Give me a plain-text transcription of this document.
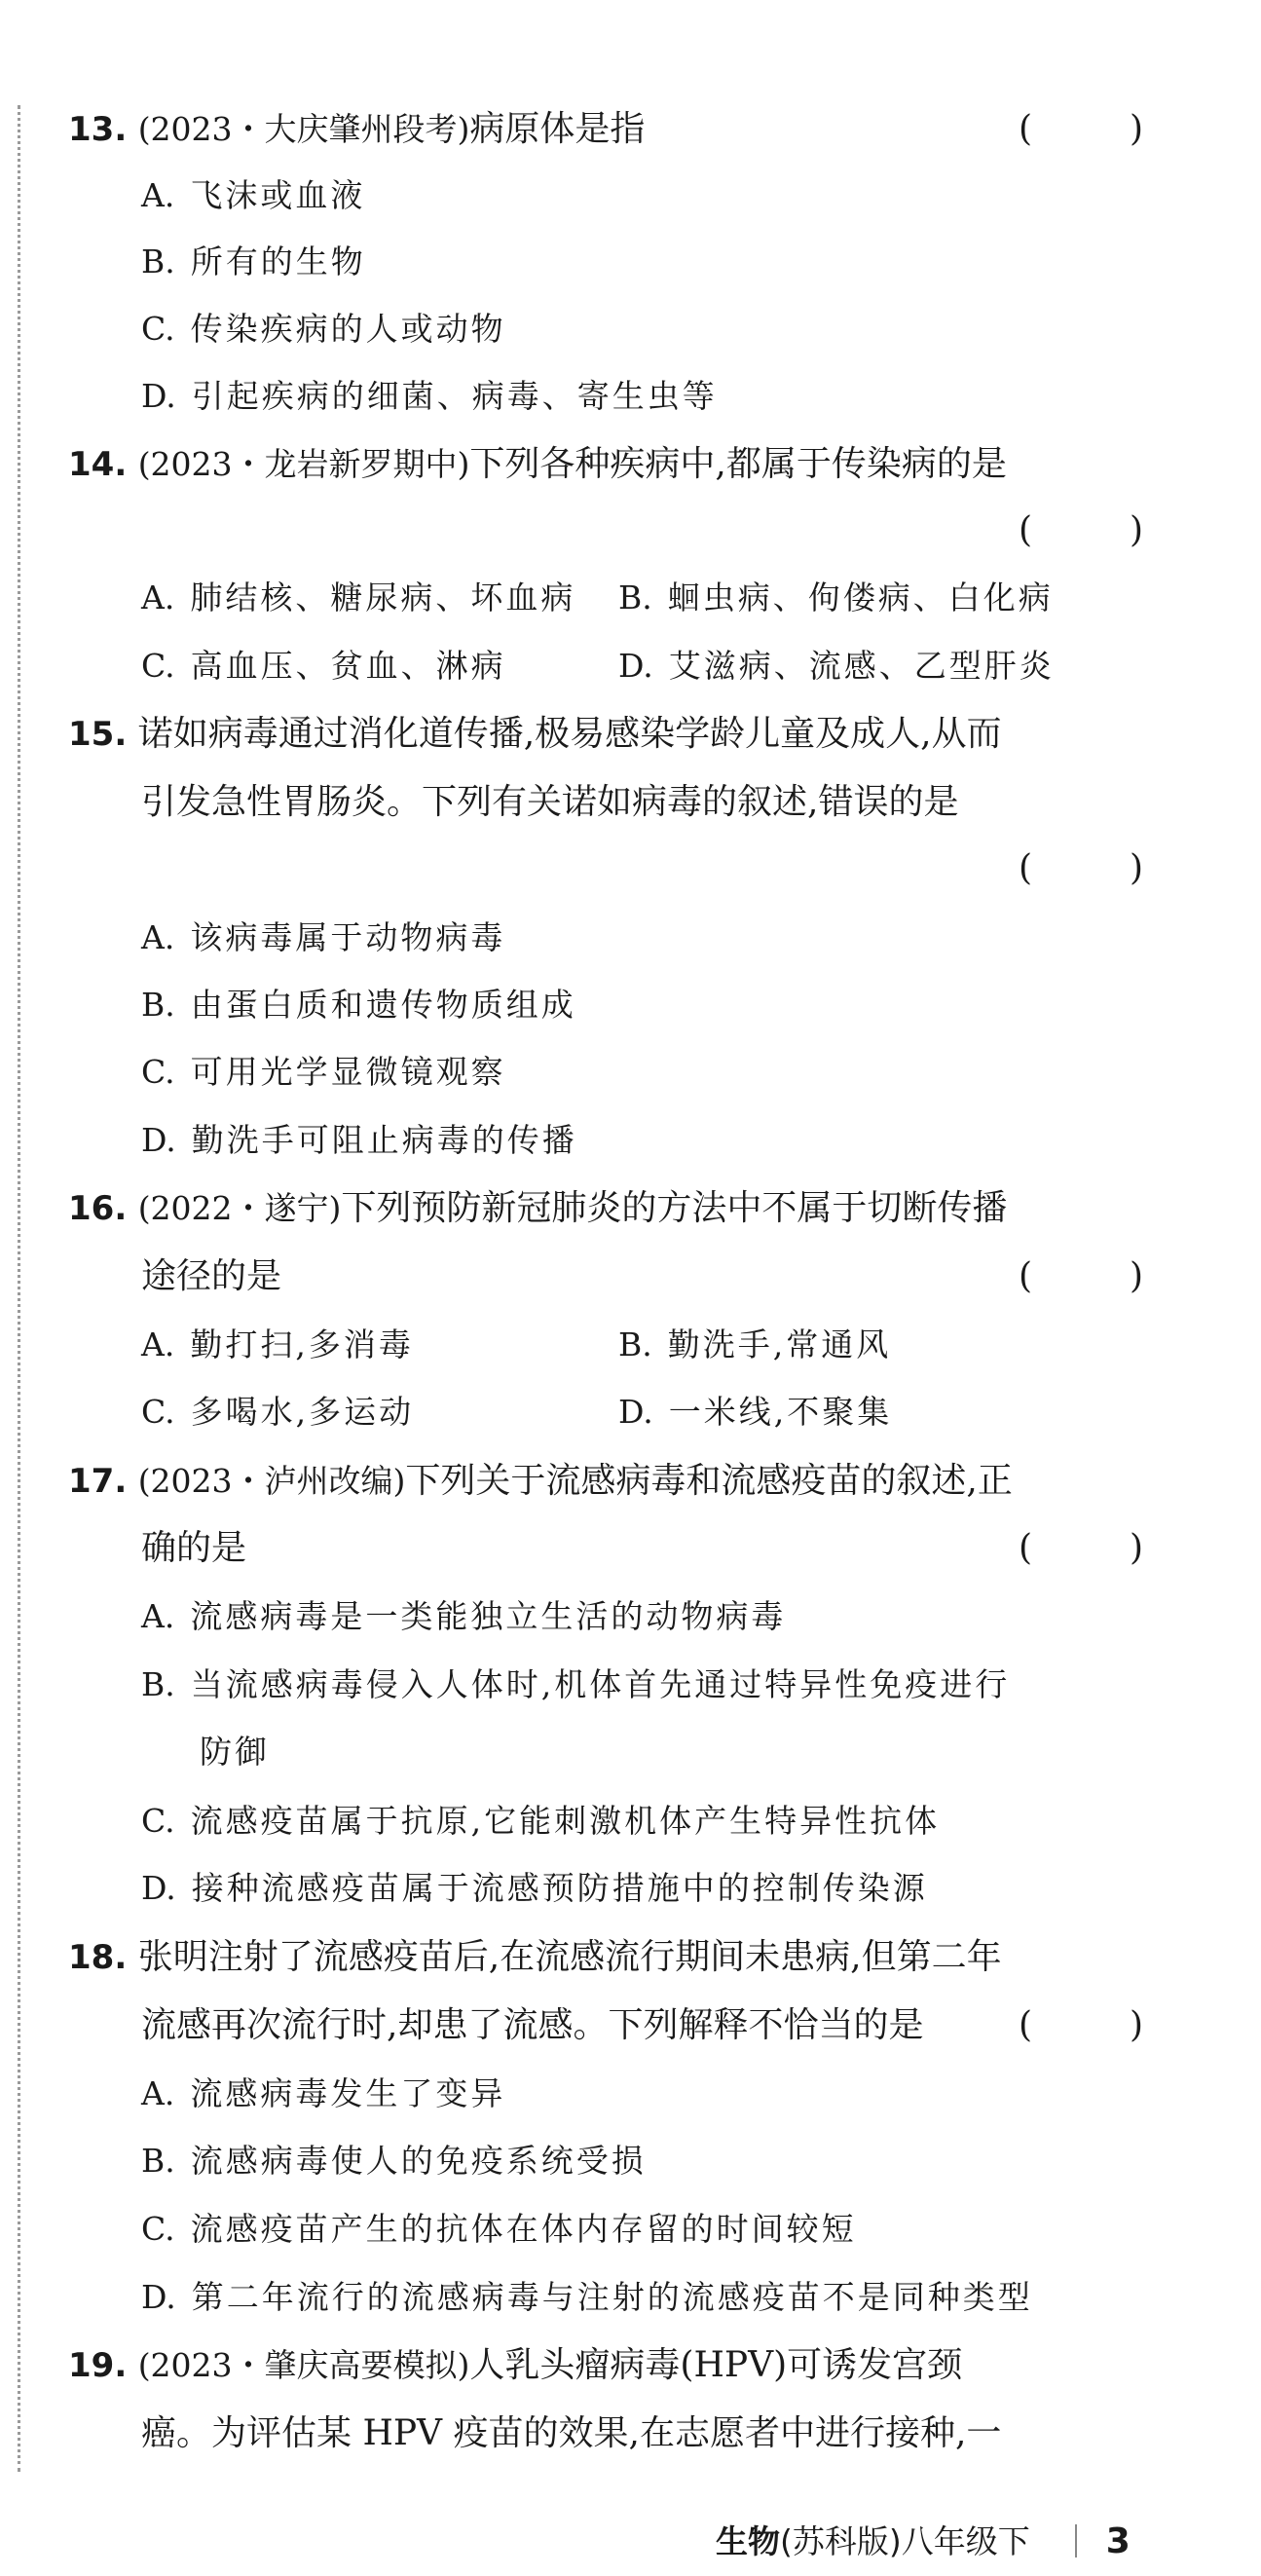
13. (2023・大庆肇州段考)病原体是指	(	)
A. 飞沫或血液
B. 所有的生物
C. 传染疾病的人或动物
D. 引起疾病的细菌、病毒、寄生虫等
14. (2023・龙岩新罗期中)下列各种疾病中,都属于传染病的是
(	)
A. 肺结核、糖尿病、坏血病 B. 蛔虫病、佝偻病、白化病
C. 高血压、贫血、淋病	D. 艾滋病、流感、乙型肝炎
15. 诺如病毒通过消化道传播,极易感染学龄儿童及成人,从而
引发急性胃肠炎。下列有关诺如病毒的叙述,错误的是
(	)
A. 该病毒属于动物病毒
B. 由蛋白质和遗传物质组成
C. 可用光学显微镜观察
D. 勤洗手可阻止病毒的传播
16. (2022・遂宁)下列预防新冠肺炎的方法中不属于切断传播
途径的是	(	)
A. 勤打扫,多消毒	B. 勤洗手,常通风
C. 多喝水,多运动	D. 一米线,不聚集
17. (2023・泸州改编)下列关于流感病毒和流感疫苗的叙述,正
确的是	(	)
A. 流感病毒是一类能独立生活的动物病毒
B. 当流感病毒侵入人体时,机体首先通过特异性免疫进行
防御
C. 流感疫苗属于抗原,它能刺激机体产生特异性抗体
D. 接种流感疫苗属于流感预防措施中的控制传染源
18. 张明注射了流感疫苗后,在流感流行期间未患病,但第二年
流感再次流行时,却患了流感。下列解释不恰当的是	(	)
A. 流感病毒发生了变异
B. 流感病毒使人的免疫系统受损
C. 流感疫苗产生的抗体在体内存留的时间较短
D. 第二年流行的流感病毒与注射的流感疫苗不是同种类型
19. (2023・肇庆高要模拟)人乳头瘤病毒(HPV)可诱发宫颈
癌。为评估某 HPV 疫苗的效果,在志愿者中进行接种,一
生物(苏科版)八年级下 3
